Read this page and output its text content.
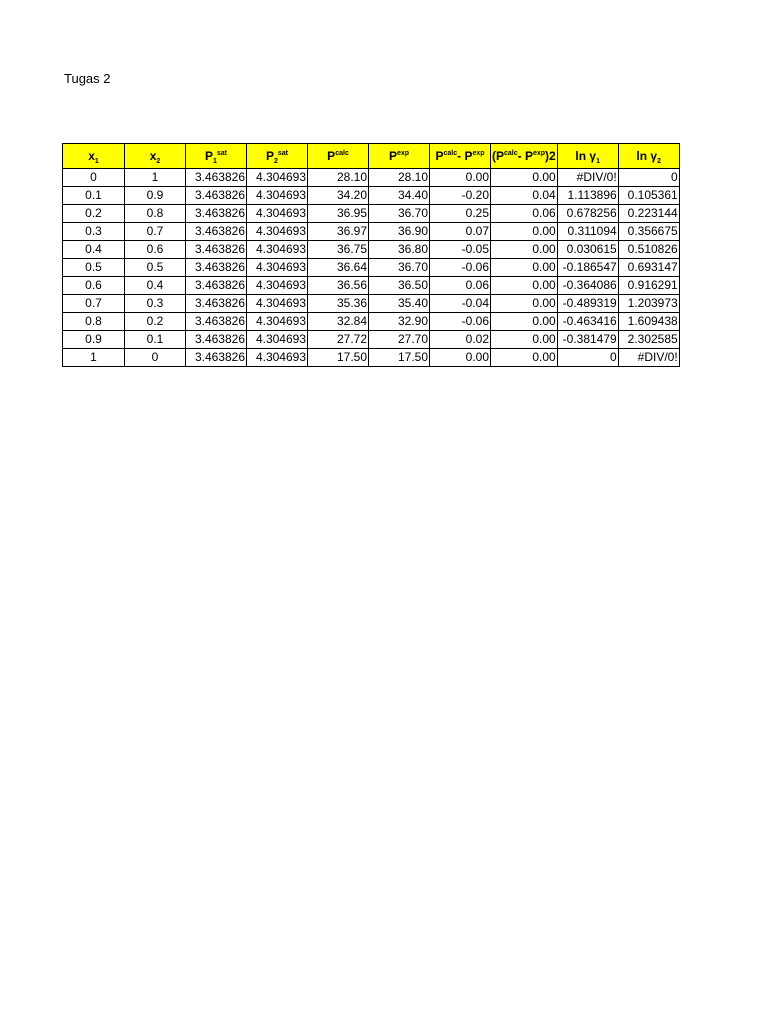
Tugas 2
$x_1$	$x_2$	$P_1^{sat}$	$P_2^{sat}$	$P^{calc}$	$P^{exp}$	$P^{calc}-$ $P^{exp}$	($P^{calc}-$ $P^{exp})2$	$\ln \gamma_1$	$\ln \gamma_2$
0	1	3.463826	4.304693	28.10	28.10	0.00	0.00	#DIV/0!	0
0.1	0.9	3.463826	4.304693	34.20	34.40	-0.20	0.04	1.113896	0.105361
0.2	0.8	3.463826	4.304693	36.95	36.70	0.25	0.06	0.678256	0.223144
0.3	0.7	3.463826	4.304693	36.97	36.90	0.07	0.00	0.311094	0.356675
0.4	0.6	3.463826	4.304693	36.75	36.80	-0.05	0.00	0.030615	0.510826
0.5	0.5	3.463826	4.304693	36.64	36.70	-0.06	0.00	-0.186547	0.693147
0.6	0.4	3.463826	4.304693	36.56	36.50	0.06	0.00	-0.364086	0.916291
0.7	0.3	3.463826	4.304693	35.36	35.40	-0.04	0.00	-0.489319	1.203973
0.8	0.2	3.463826	4.304693	32.84	32.90	-0.06	0.00	-0.463416	1.609438
0.9	0.1	3.463826	4.304693	27.72	27.70	0.02	0.00	-0.381479	2.302585
1	0	3.463826	4.304693	17.50	17.50	0.00	0.00	0	#DIV/0!
